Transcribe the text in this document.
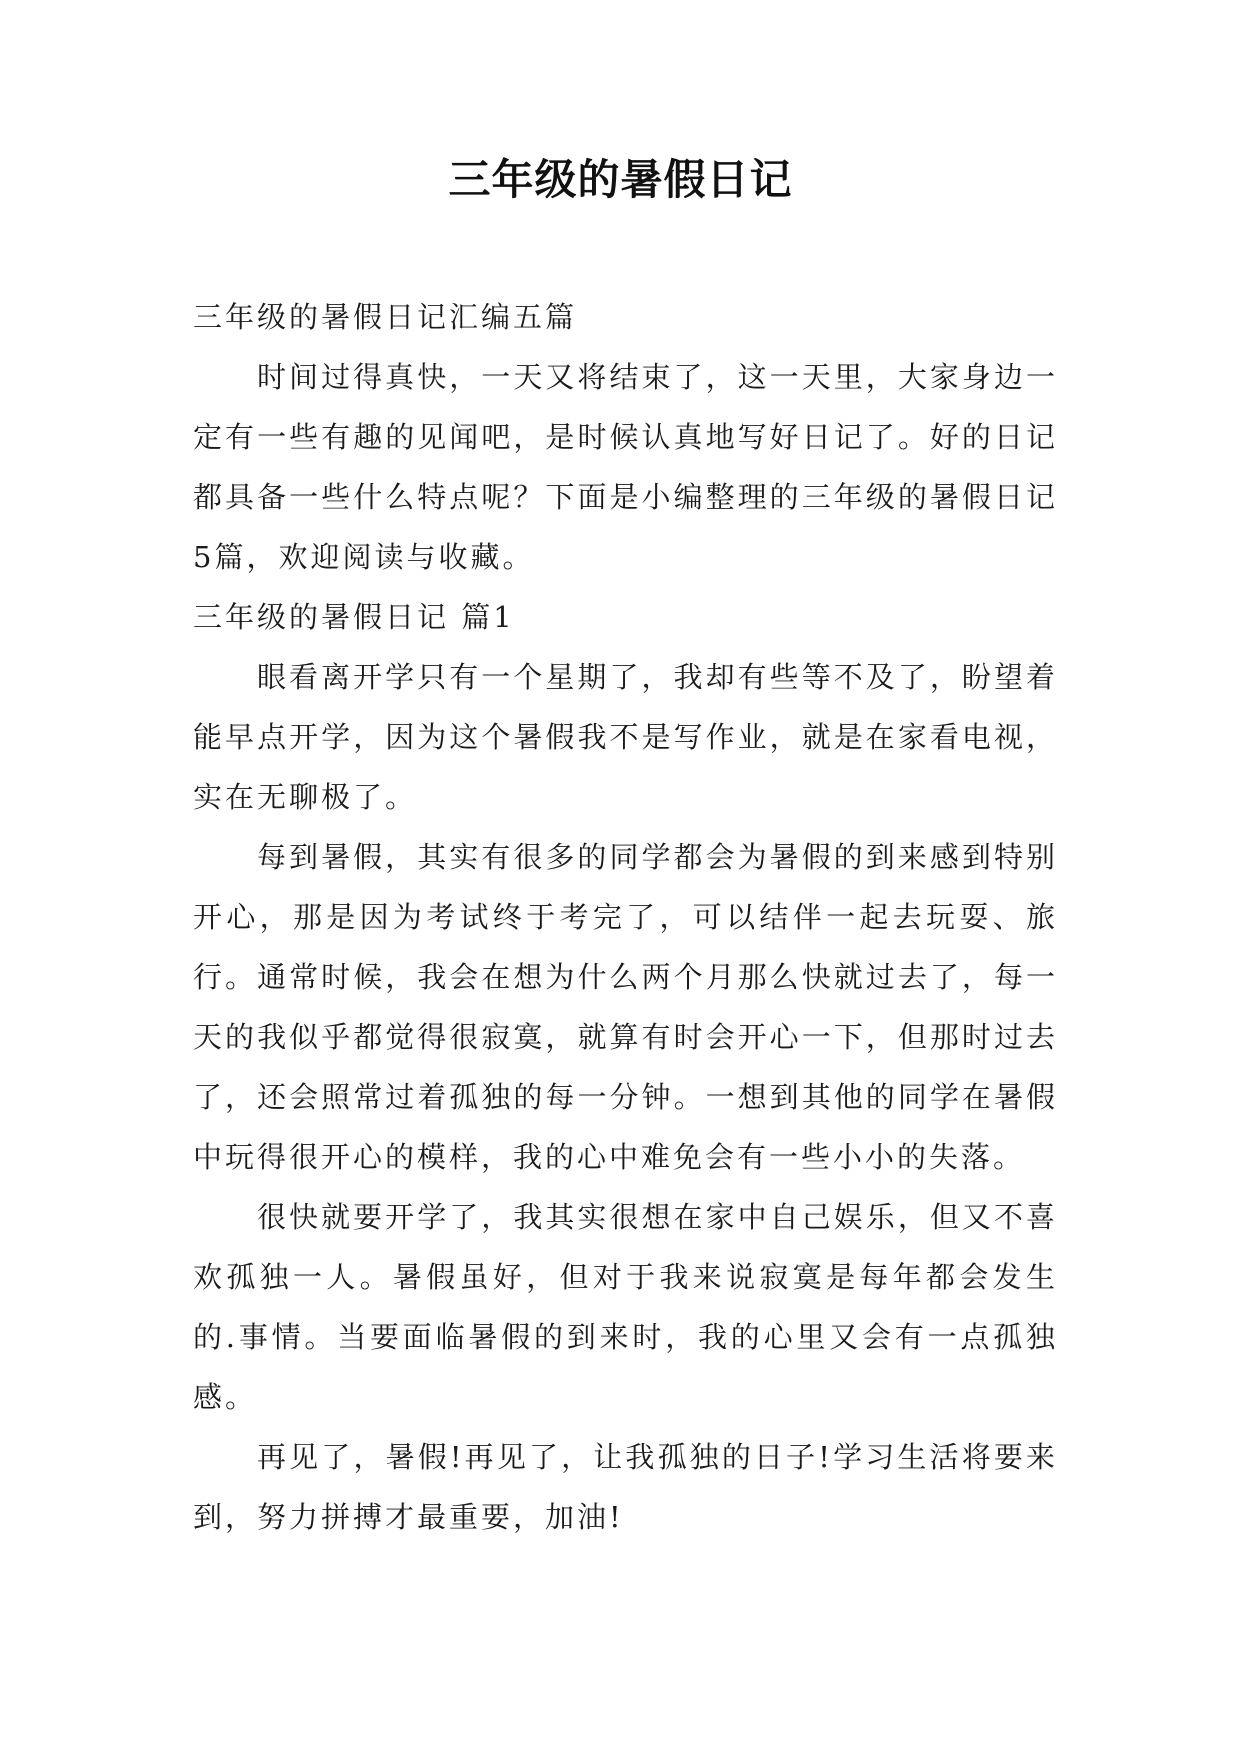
三年级的暑假日记

三年级的暑假日记汇编五篇

时间过得真快，一天又将结束了，这一天里，大家身边一定有一些有趣的见闻吧，是时候认真地写好日记了。好的日记都具备一些什么特点呢？下面是小编整理的三年级的暑假日记5篇，欢迎阅读与收藏。

三年级的暑假日记 篇1

眼看离开学只有一个星期了，我却有些等不及了，盼望着能早点开学，因为这个暑假我不是写作业，就是在家看电视，实在无聊极了。

每到暑假，其实有很多的同学都会为暑假的到来感到特别开心，那是因为考试终于考完了，可以结伴一起去玩耍、旅行。通常时候，我会在想为什么两个月那么快就过去了，每一天的我似乎都觉得很寂寞，就算有时会开心一下，但那时过去了，还会照常过着孤独的每一分钟。一想到其他的同学在暑假中玩得很开心的模样，我的心中难免会有一些小小的失落。

很快就要开学了，我其实很想在家中自己娱乐，但又不喜欢孤独一人。暑假虽好，但对于我来说寂寞是每年都会发生的.事情。当要面临暑假的到来时，我的心里又会有一点孤独感。

再见了，暑假!再见了，让我孤独的日子!学习生活将要来到，努力拼搏才最重要，加油!
